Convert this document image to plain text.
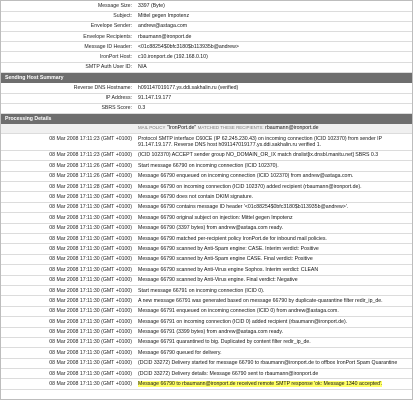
Message Size:	3397 (Byte)
Subject:	Mittel gegen Impotenz
Envelope Sender:	andrew@astaga.com
Envelope Recipients:	rbaumann@ironport.de
Message ID Header:	<01c88254$0bfc3180$b113935b@andrew>
IronPort Host:	c10.ironport.de (192.168.0.10)
SMTP Auth User ID:	N/A
Sending Host Summary
Reverse DNS Hostname:	h091147019177.ys.ddi.sakhalin.ru (verified)
IP Address:	91.147.19.177
SBRS Score:	0.3
Processing Details
	MAIL POLICY "IronPort.de" MATCHED THESE RECIPIENTS: rbaumann@ironport.de
08 Mar 2008 17:11:23 (GMT +0100)	Protocol SMTP interface C60CE (IP 62.245.230.43) on incoming connection (ICID 102370) from sender IP 91.147.19.177. Reverse DNS host h091147019177.ys.ddi.sakhalin.ru verified 1.
08 Mar 2008 17:11:23 (GMT +0100)	(ICID 102370) ACCEPT sender group NO_DOMAIN_OR_IX match dnslist[ix.dnsbl.manitu.net] SBRS 0.3
08 Mar 2008 17:11:26 (GMT +0100)	Start message 66790 on incoming connection (ICID 102370).
08 Mar 2008 17:11:26 (GMT +0100)	Message 66790 enqueued on incoming connection (ICID 102370) from andrew@astaga.com.
08 Mar 2008 17:11:28 (GMT +0100)	Message 66790 on incoming connection (ICID 102370) added recipient (rbaumann@ironport.de).
08 Mar 2008 17:11:30 (GMT +0100)	Message 66790 does not contain DKIM signature.
08 Mar 2008 17:11:30 (GMT +0100)	Message 66790 contains message ID header '<01c88254$0bfc3180$b113935b@andrew>'.
08 Mar 2008 17:11:30 (GMT +0100)	Message 66790 original subject on injection: Mittel gegen Impotenz
08 Mar 2008 17:11:30 (GMT +0100)	Message 66790 (3397 bytes) from andrew@astaga.com ready.
08 Mar 2008 17:11:30 (GMT +0100)	Message 66790 matched per-recipient policy IronPort.de for inbound mail policies.
08 Mar 2008 17:11:30 (GMT +0100)	Message 66790 scanned by Anti-Spam engine: CASE. Interim verdict: Positive
08 Mar 2008 17:11:30 (GMT +0100)	Message 66790 scanned by Anti-Spam engine CASE. Final verdict: Positive
08 Mar 2008 17:11:30 (GMT +0100)	Message 66790 scanned by Anti-Virus engine Sophos. Interim verdict: CLEAN
08 Mar 2008 17:11:30 (GMT +0100)	Message 66790 scanned by Anti-Virus engine. Final verdict: Negative
08 Mar 2008 17:11:30 (GMT +0100)	Start message 66791 on incoming connection (ICID 0).
08 Mar 2008 17:11:30 (GMT +0100)	A new message 66791 was generated based on message 66790 by duplicate-quarantine filter redir_ip_de.
08 Mar 2008 17:11:30 (GMT +0100)	Message 66791 enqueued on incoming connection (ICID 0) from andrew@astaga.com.
08 Mar 2008 17:11:30 (GMT +0100)	Message 66791 on incoming connection (ICID 0) added recipient (rbaumann@ironport.de).
08 Mar 2008 17:11:30 (GMT +0100)	Message 66791 (3399 bytes) from andrew@astaga.com ready.
08 Mar 2008 17:11:30 (GMT +0100)	Message 66791 quarantined to big. Duplicated by content filter redir_ip_de.
08 Mar 2008 17:11:30 (GMT +0100)	Message 66790 queued for delivery.
08 Mar 2008 17:11:30 (GMT +0100)	(DCID 33272) Delivery started for message 66790 to rbaumann@ironport.de to offbox IronPort Spam Quarantine
08 Mar 2008 17:11:30 (GMT +0100)	(DCID 33272) Delivery details: Message 66790 sent to rbaumann@ironport.de
08 Mar 2008 17:11:30 (GMT +0100)	Message 66790 to rbaumann@ironport.de received remote SMTP response 'ok: Message 1340 accepted'.
